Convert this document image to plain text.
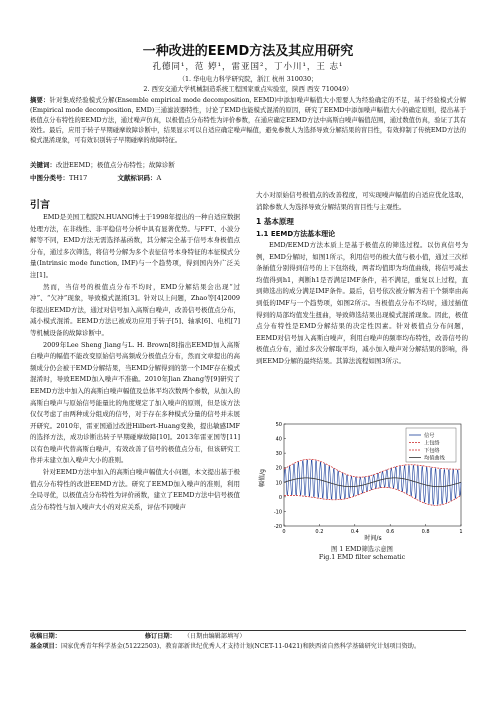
一种改进的EEMD方法及其应用研究
孔德同¹，范 婷¹，雷亚国²，丁小川¹，王 志¹
（1. 华电电力科学研究院，浙江 杭州 310030；
2. 西安交通大学机械制造系统工程国家重点实验室，陕西 西安 710049）
摘要：针对集成经验模式分解(Ensemble empirical mode decomposition, EEMD)中添加噪声幅值大小需要人为经验确定的不足，基于经验模式分解(Empirical mode decomposition, EMD)三通滤波器特性，讨论了EMD也能模式混淆的原因，研究了EEMD中添加噪声幅值大小的确定原则，提出基于极值点分布特性的EEMD方法，通过噪声仿真，以极值点分布特性为评价参数，在通应确定EEMD方法中高斯白噪声幅值范围，通过数值仿真，验证了其有效性。最后，应用于转子早期碰摩故障诊断中，结果显示可以自适应确定噪声幅值，避免参数人为选择导致分解结果的盲目性，有效抑制了传统EMD方法的模式混淆现象，可有效识别转子早期碰摩的故障特征。
关键词：改进EEMD；极值点分布特性；故障诊断
中图分类号：TH17	文献标识码：A
引言

EMD是美国工程院N.HUANG博士于1998年提出的一种自适应数据处理方法，在非线性、非平稳信号分析中具有显著优势。与FFT、小波分解等不同，EMD方法无需选择基函数，其分解完全基于信号本身极值点分布，通过多次筛选，将信号分解为多个表征信号本身特征的本征模式分量(Intrinsic mode function, IMF)与一个趋势项，得到国内外广泛关注[1]。

然而，当信号的极值点分布不均时，EMD分解结果会出现“过冲”、“欠冲”现象，导致模式混淆[3]。针对以上问题，Zhao等[4]2009年提出EEMD方法，通过对信号加入高斯白噪声，改善信号极值点分布，减小模式混淆。EEMD方法已被成功应用于转子[5]、轴承[6]、电机[7]等机械设备的故障诊断中。

2009年Lee Sheng Jiang与L. H. Brown[8]指出EEMD加入高斯白噪声的幅值不能改变原始信号高频成分极值点分布，然而文章提出的高频成分仍会被干EMD分解结果，当EMD分解得到的第一个IMF存在模式混淆时，导致EEMD加入噪声不准确。2010年Jian Zhang等[9]研究了EEMD方法中加入的高斯白噪声幅值及总体平均次数两个参数，从加入的高斯白噪声与原始信号能量比的角度规定了加入噪声的原则，但是该方法仅仅考虑了由两种成分组成的信号，对于存在多种模式分量的信号并未展开研究。2010年，雷亚国通过改进Hilbert-Huang变换，提出敏感IMF的选择方法，成功诊断出转子早期碰摩故障[10]。2013年雷亚国等[11]以有色噪声代替高斯白噪声，有效改善了信号的极值点分布，但该研究工作并未建立加入噪声大小的准则。

针对EEMD方法中加入的高斯白噪声幅值大小问题，本文提出基于极值点分布特性的改进EEMD方法。研究了EEMD加入噪声的准则，利用全局寻优，以极值点分布特性为评价函数，建立了EEMD方法中信号极值点分布特性与加入噪声大小的对应关系，评估不同噪声

大小对原始信号极值点的改善程度，可实现噪声幅值的自适应优化选取，消除参数人为选择导致分解结果的盲目性与主观性。

1 基本原理
1.1 EEMD方法基本理论

EMD/EEMD方法本质上是基于极值点的筛选过程。以仿真信号为例，EMD分解时，如图1所示，利用信号的极大值与极小值，通过三次样条插值分别得到信号的上下包络线，两者均值即为均值曲线，将信号减去均值得到h1，判断h1是否满足IMF条件，若不满足，重复以上过程，直到筛选出的成分满足IMF条件。最后，信号依次被分解为若干个频率由高到低的IMF与一个趋势项，如图2所示。当极值点分布不均时，通过插值得到的局部均值发生扭曲，导致筛选结果出现模式混淆现象。因此，极值点分布特性是EMD分解结果的决定性因素。针对极值点分布问题，EEMD对信号加入高斯白噪声，利用白噪声的频率均布特性，改善信号的极值点分布，通过多次分解取平均，减小加入噪声对分解结果的影响，得到EEMD分解的最终结果。其算法流程如图3所示。

-20
-10
0
10
20
30
40
50
0	0.2	0.4	0.6	0.8	1
信号
上包络
下包络
均值曲线
幅值/g
时间/s
图 1 EMD筛选示意图
Fig.1 EMD filter schematic
收稿日期：	修订日期： （日期由编辑部填写）
基金项目：国家优秀青年科学基金(51222503)、教育部新世纪优秀人才支持计划(NCET-11-0421)和陕西省自然科学基础研究计划项目资助。
